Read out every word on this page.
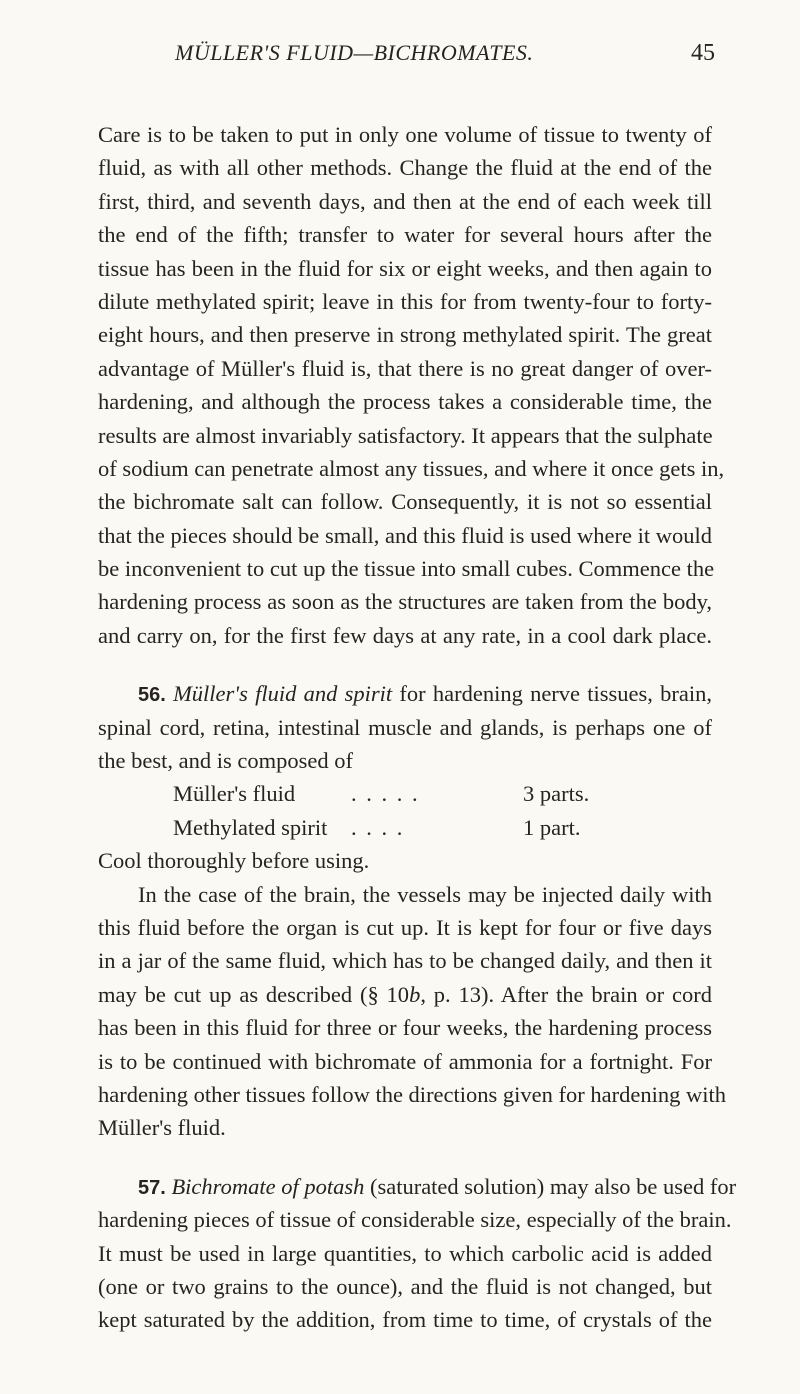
MÜLLER'S FLUID—BICHROMATES.	45
Care is to be taken to put in only one volume of tissue to twenty of
fluid, as with all other methods. Change the fluid at the end of the
first, third, and seventh days, and then at the end of each week till
the end of the fifth; transfer to water for several hours after the
tissue has been in the fluid for six or eight weeks, and then again to
dilute methylated spirit; leave in this for from twenty-four to forty-
eight hours, and then preserve in strong methylated spirit. The great
advantage of Müller's fluid is, that there is no great danger of over-
hardening, and although the process takes a considerable time, the
results are almost invariably satisfactory. It appears that the sulphate
of sodium can penetrate almost any tissues, and where it once gets in,
the bichromate salt can follow. Consequently, it is not so essential
that the pieces should be small, and this fluid is used where it would
be inconvenient to cut up the tissue into small cubes. Commence the
hardening process as soon as the structures are taken from the body,
and carry on, for the first few days at any rate, in a cool dark place.
56. Müller's fluid and spirit for hardening nerve tissues, brain,
spinal cord, retina, intestinal muscle and glands, is perhaps one of
the best, and is composed of
Müller's fluid	. . . . .	3 parts.
Methylated spirit	. . . .	1 part.
Cool thoroughly before using.
In the case of the brain, the vessels may be injected daily with
this fluid before the organ is cut up. It is kept for four or five days
in a jar of the same fluid, which has to be changed daily, and then it
may be cut up as described (§ 10b, p. 13). After the brain or cord
has been in this fluid for three or four weeks, the hardening process
is to be continued with bichromate of ammonia for a fortnight. For
hardening other tissues follow the directions given for hardening with
Müller's fluid.
57. Bichromate of potash (saturated solution) may also be used for
hardening pieces of tissue of considerable size, especially of the brain.
It must be used in large quantities, to which carbolic acid is added
(one or two grains to the ounce), and the fluid is not changed, but
kept saturated by the addition, from time to time, of crystals of the
